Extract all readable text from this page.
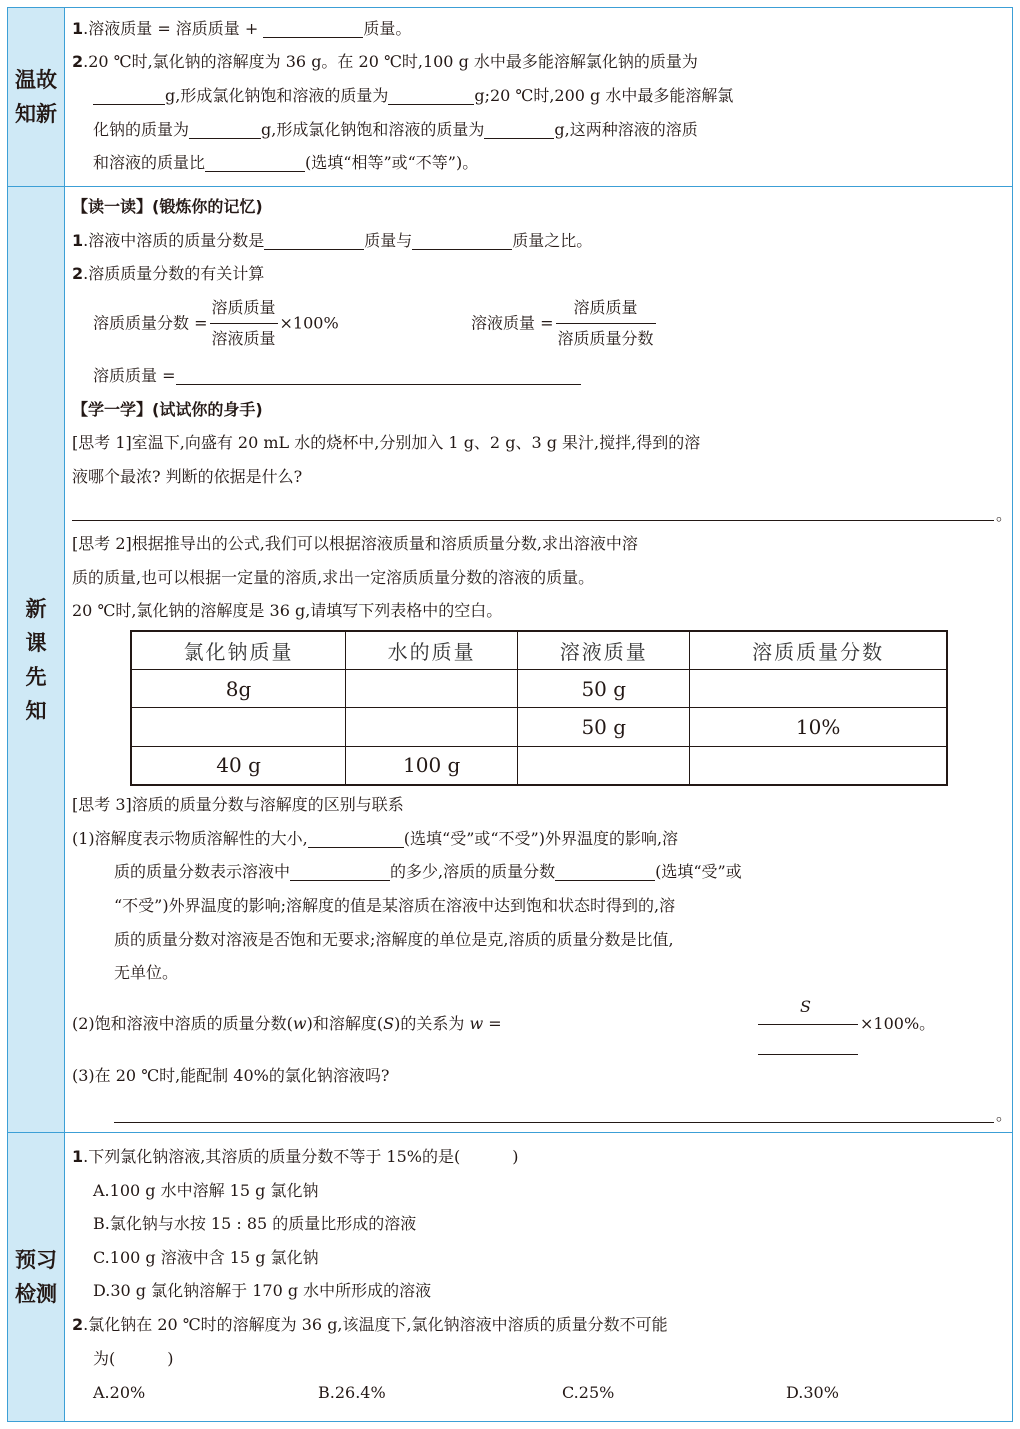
温故知新
新课先知
预习检测
1.溶液质量 = 溶质质量 +	质量。
2.20 ℃时,氯化钠的溶解度为 36 g。在 20 ℃时,100 g 水中最多能溶解氯化钠的质量为
g,形成氯化钠饱和溶液的质量为	g;20 ℃时,200 g 水中最多能溶解氯
化钠的质量为	g,形成氯化钠饱和溶液的质量为	g,这两种溶液的溶质
和溶液的质量比	(选填“相等”或“不等”)。
【读一读】(锻炼你的记忆)
1.溶液中溶质的质量分数是	质量与	质量之比。
2.溶质质量分数的有关计算
溶质质量分数 = $\frac{\text{溶质质量}}{\text{溶液质量}} \times 100\%$	溶液质量 = $\frac{\text{溶质质量}}{\text{溶质质量分数}}$
溶质质量 =
【学一学】(试试你的身手)
[思考 1]室温下,向盛有 20 mL 水的烧杯中,分别加入 1 g、2 g、3 g 果汁,搅拌,得到的溶
液哪个最浓? 判断的依据是什么?
。
[思考 2]根据推导出的公式,我们可以根据溶液质量和溶质质量分数,求出溶液中溶
质的质量,也可以根据一定量的溶质,求出一定溶质质量分数的溶液的质量。
20 ℃时,氯化钠的溶解度是 36 g,请填写下列表格中的空白。
氯化钠质量	水的质量	溶液质量	溶质质量分数
8g		50 g	
		50 g	10%
40 g	100 g		
[思考 3]溶质的质量分数与溶解度的区别与联系
(1)溶解度表示物质溶解性的大小,	(选填“受”或“不受”)外界温度的影响,溶
质的质量分数表示溶液中	的多少,溶质的质量分数	(选填“受”或
“不受”)外界温度的影响;溶解度的值是某溶质在溶液中达到饱和状态时得到的,溶
质的质量分数对溶液是否饱和无要求;溶解度的单位是克,溶质的质量分数是比值,
无单位。
(2)饱和溶液中溶质的质量分数(w)和溶解度(S)的关系为 w =
S
×100%。
(3)在 20 ℃时,能配制 40%的氯化钠溶液吗?
。
1.下列氯化钠溶液,其溶质的质量分数不等于 15%的是(	)
A.100 g 水中溶解 15 g 氯化钠
B.氯化钠与水按 15 : 85 的质量比形成的溶液
C.100 g 溶液中含 15 g 氯化钠
D.30 g 氯化钠溶解于 170 g 水中所形成的溶液
2.氯化钠在 20 ℃时的溶解度为 36 g,该温度下,氯化钠溶液中溶质的质量分数不可能
为(	)
A.20%	B.26.4%	C.25%	D.30%
